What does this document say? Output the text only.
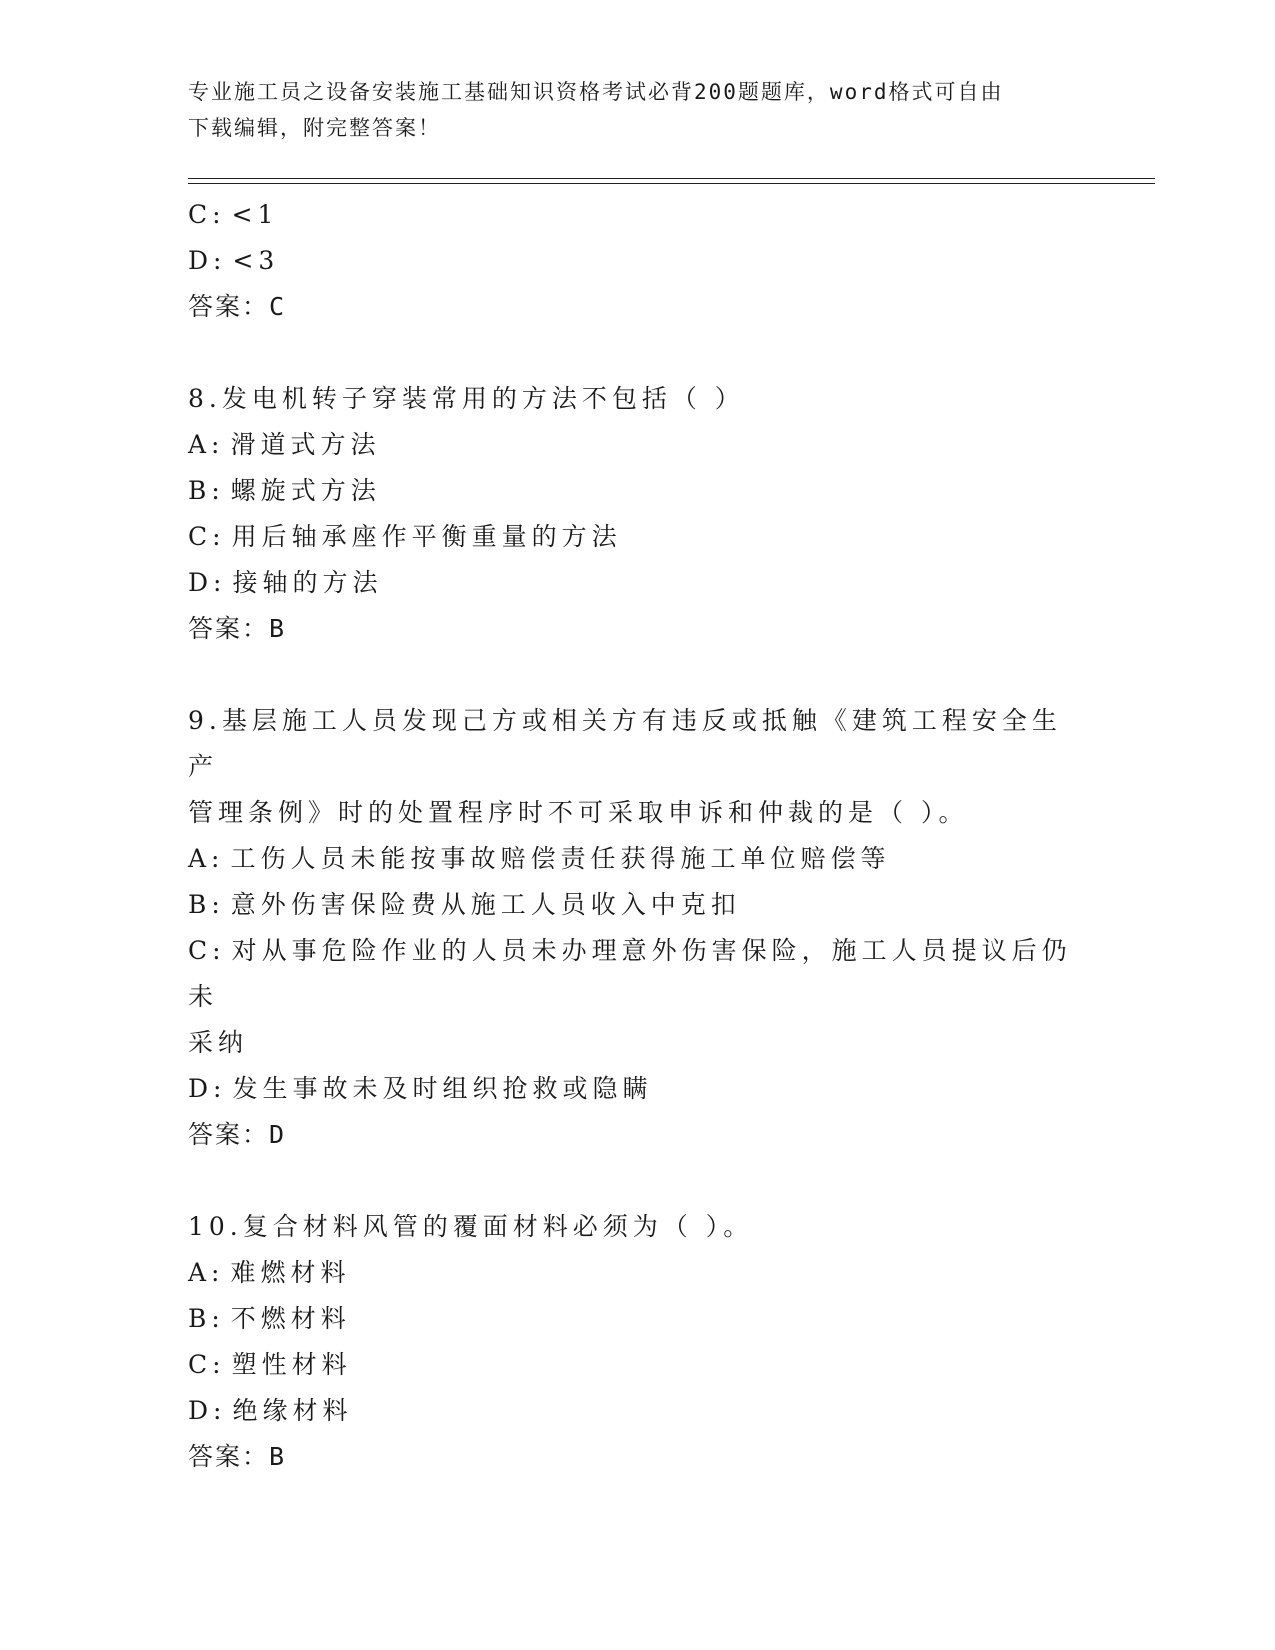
专业施工员之设备安装施工基础知识资格考试必背200题题库，word格式可自由
下载编辑，附完整答案！
C: <1
D: <3
答案：C
8.发电机转子穿装常用的方法不包括（ ）
A: 滑道式方法
B: 螺旋式方法
C: 用后轴承座作平衡重量的方法
D: 接轴的方法
答案：B
9.基层施工人员发现己方或相关方有违反或抵触《建筑工程安全生产
管理条例》时的处置程序时不可采取申诉和仲裁的是（ ）。
A: 工伤人员未能按事故赔偿责任获得施工单位赔偿等
B: 意外伤害保险费从施工人员收入中克扣
C: 对从事危险作业的人员未办理意外伤害保险，施工人员提议后仍未
采纳
D: 发生事故未及时组织抢救或隐瞒
答案：D
10.复合材料风管的覆面材料必须为（ ）。
A: 难燃材料
B: 不燃材料
C: 塑性材料
D: 绝缘材料
答案：B
